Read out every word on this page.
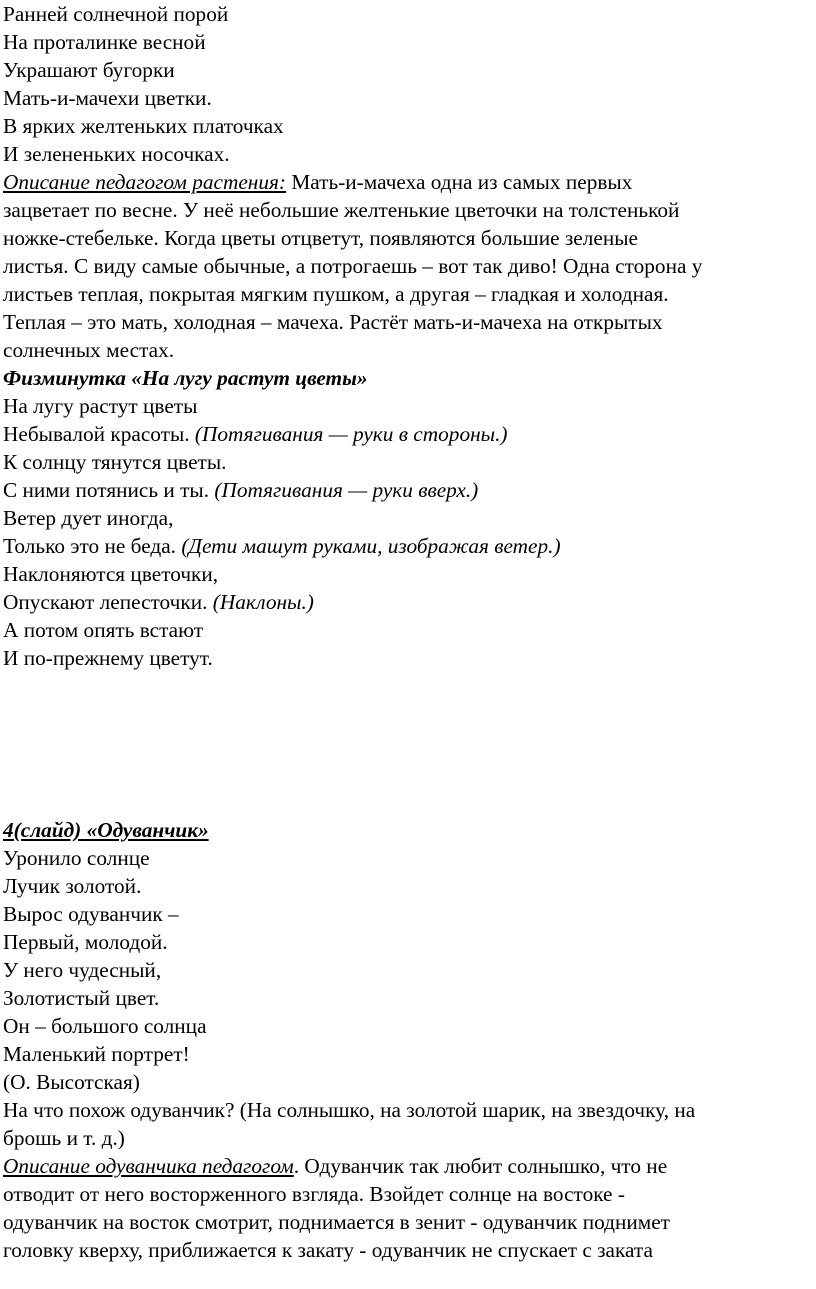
Ранней солнечной порой
На проталинке весной
Украшают бугорки
Мать-и-мачехи цветки.
В ярких желтеньких платочках
И зелененьких носочках.
Описание педагогом растения: Мать-и-мачеха одна из самых первых
зацветает по весне. У неё небольшие желтенькие цветочки на толстенькой
ножке-стебельке. Когда цветы отцветут, появляются большие зеленые
листья. С виду самые обычные, а потрогаешь – вот так диво! Одна сторона у
листьев теплая, покрытая мягким пушком, а другая – гладкая и холодная.
Теплая – это мать, холодная – мачеха. Растёт мать-и-мачеха на открытых
солнечных местах.
Физминутка «На лугу растут цветы»
На лугу растут цветы
Небывалой красоты. (Потягивания — руки в стороны.)
К солнцу тянутся цветы.
С ними потянись и ты. (Потягивания — руки вверх.)
Ветер дует иногда,
Только это не беда. (Дети машут руками, изображая ветер.)
Наклоняются цветочки,
Опускают лепесточки. (Наклоны.)
А потом опять встают
И по-прежнему цветут.
4(слайд) «Одуванчик»
Уронило солнце
Лучик золотой.
Вырос одуванчик –
Первый, молодой.
У него чудесный,
Золотистый цвет.
Он – большого солнца
Маленький портрет!
(О. Высотская)
На что похож одуванчик? (На солнышко, на золотой шарик, на звездочку, на
брошь и т. д.)
Описание одуванчика педагогом. Одуванчик так любит солнышко, что не
отводит от него восторженного взгляда. Взойдет солнце на востоке -
одуванчик на восток смотрит, поднимается в зенит - одуванчик поднимет
головку кверху, приближается к закату - одуванчик не спускает с заката
